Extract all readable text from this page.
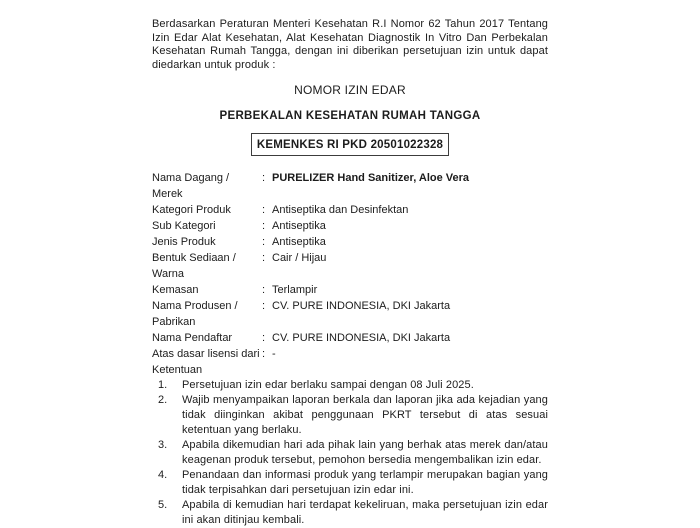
Berdasarkan Peraturan Menteri Kesehatan R.I Nomor 62 Tahun 2017 Tentang Izin Edar Alat Kesehatan, Alat Kesehatan Diagnostik In Vitro Dan Perbekalan Kesehatan Rumah Tangga, dengan ini diberikan persetujuan izin untuk dapat diedarkan untuk produk :

NOMOR IZIN EDAR
PERBEKALAN KESEHATAN RUMAH TANGGA
KEMENKES RI PKD 20501022328
Nama Dagang / Merek
: PURELIZER Hand Sanitizer, Aloe Vera
Kategori Produk	: Antiseptika dan Desinfektan
Sub Kategori	: Antiseptika
Jenis Produk	: Antiseptika
Bentuk Sediaan / Warna
: Cair / Hijau
Kemasan	: Terlampir
Nama Produsen / Pabrikan
: CV. PURE INDONESIA, DKI Jakarta
Nama Pendaftar	: CV. PURE INDONESIA, DKI Jakarta
Atas dasar lisensi dari : -
Ketentuan
1.	Persetujuan izin edar berlaku sampai dengan 08 Juli 2025.
2.	Wajib menyampaikan laporan berkala dan laporan jika ada kejadian yang tidak diinginkan akibat penggunaan PKRT tersebut di atas sesuai ketentuan yang berlaku.
3.	Apabila dikemudian hari ada pihak lain yang berhak atas merek dan/atau keagenan produk tersebut, pemohon bersedia mengembalikan izin edar.
4.	Penandaan dan informasi produk yang terlampir merupakan bagian yang tidak terpisahkan dari persetujuan izin edar ini.
5.	Apabila di kemudian hari terdapat kekeliruan, maka persetujuan izin edar ini akan ditinjau kembali.
